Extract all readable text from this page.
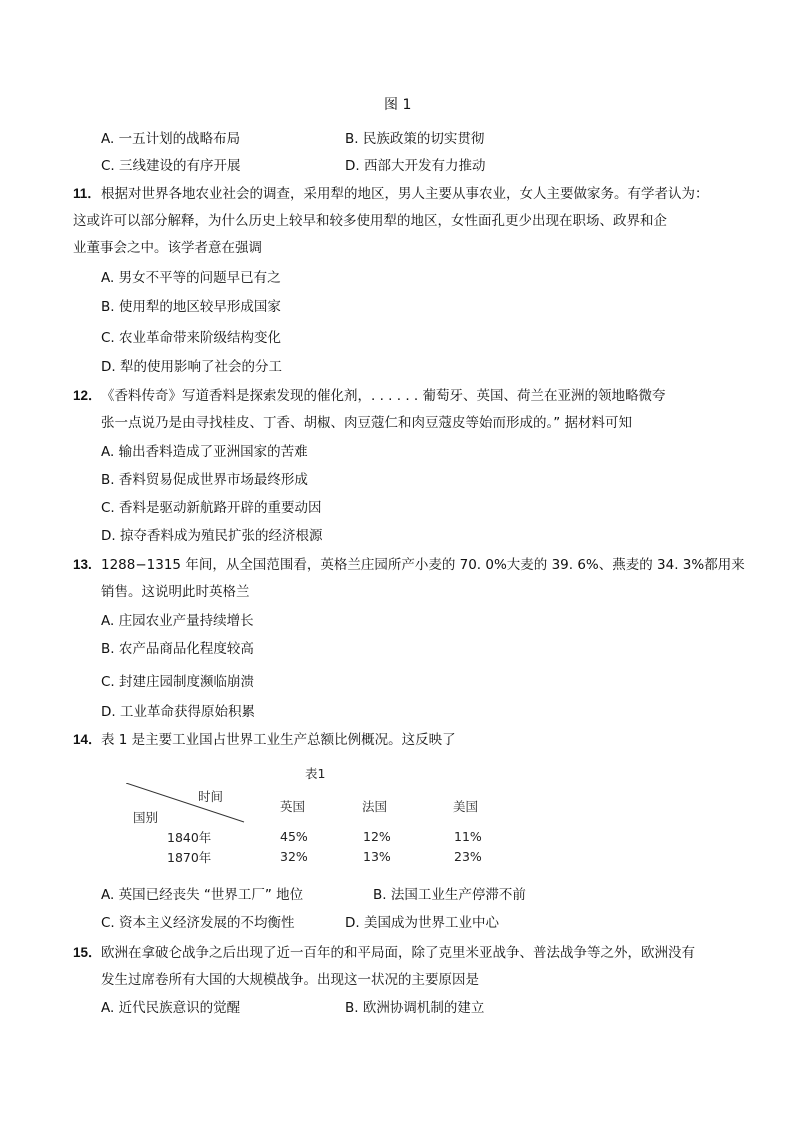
图 1
A. 一五计划的战略布局	B. 民族政策的切实贯彻
C. 三线建设的有序开展	D. 西部大开发有力推动
11． 根据对世界各地农业社会的调查，采用犁的地区，男人主要从事农业，女人主要做家务。有学者认为：
这或许可以部分解释，为什么历史上较早和较多使用犁的地区，女性面孔更少出现在职场、政界和企
业董事会之中。该学者意在强调
A. 男女不平等的问题早已有之
B. 使用犁的地区较早形成国家
C. 农业革命带来阶级结构变化
D. 犁的使用影响了社会的分工
12． 《香料传奇》写道香料是探索发现的催化剂，. . . . . . 葡萄牙、英国、荷兰在亚洲的领地略微夸
张一点说乃是由寻找桂皮、丁香、胡椒、肉豆蔻仁和肉豆蔻皮等始而形成的。” 据材料可知
A. 输出香料造成了亚洲国家的苦难
B. 香料贸易促成世界市场最终形成
C. 香料是驱动新航路开辟的重要动因
D. 掠夺香料成为殖民扩张的经济根源
13. 1288−1315 年间，从全国范围看，英格兰庄园所产小麦的 70. 0%大麦的 39. 6%、燕麦的 34. 3%都用来
销售。这说明此时英格兰
A. 庄园农业产量持续增长
B. 农产品商品化程度较高
C. 封建庄园制度濒临崩溃
D. 工业革命获得原始积累
14． 表 1 是主要工业国占世界工业生产总额比例概况。这反映了
表1
时间
国别
英国	法国	美国
1840年	45%	12%	11%
1870年	32%	13%	23%
A. 英国已经丧失 “世界工厂” 地位	B. 法国工业生产停滞不前
C. 资本主义经济发展的不均衡性	D. 美国成为世界工业中心
15． 欧洲在拿破仑战争之后出现了近一百年的和平局面，除了克里米亚战争、普法战争等之外，欧洲没有
发生过席卷所有大国的大规模战争。出现这一状况的主要原因是
A. 近代民族意识的觉醒	B. 欧洲协调机制的建立
